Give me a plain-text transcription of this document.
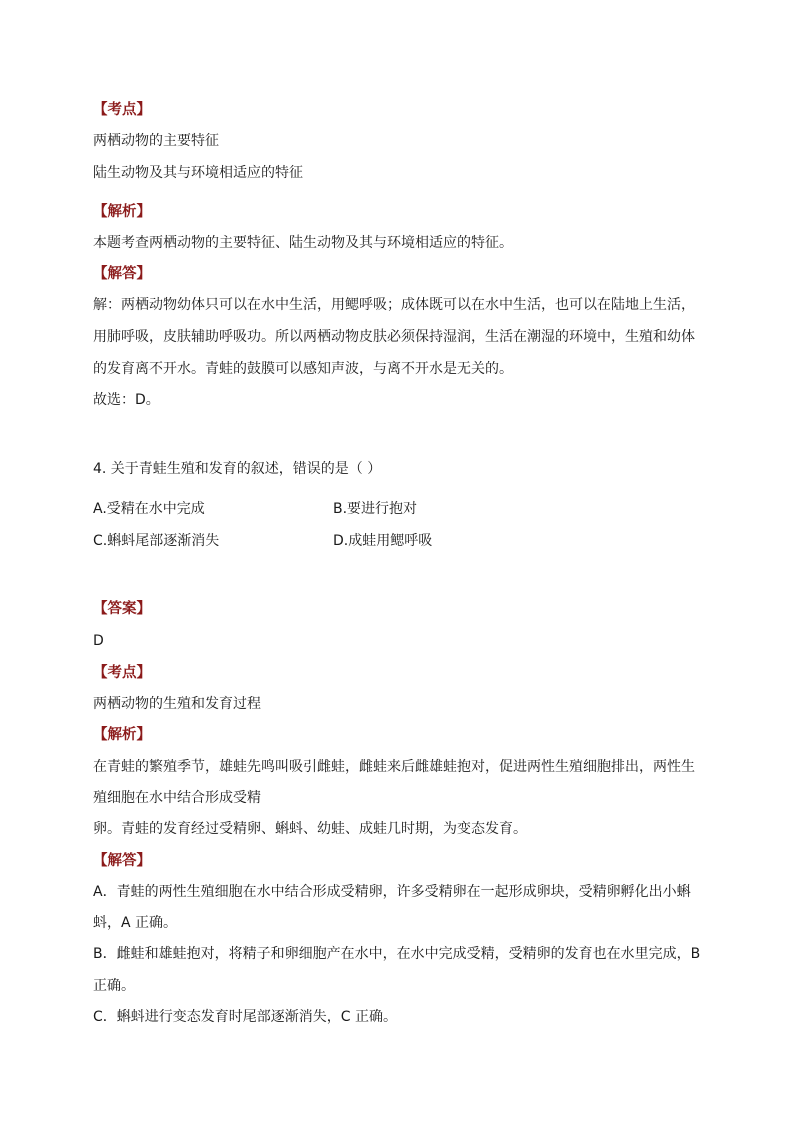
【考点】
两栖动物的主要特征
陆生动物及其与环境相适应的特征
【解析】
本题考查两栖动物的主要特征、陆生动物及其与环境相适应的特征。
【解答】
解：两栖动物幼体只可以在水中生活，用鳃呼吸；成体既可以在水中生活，也可以在陆地上生活，
用肺呼吸，皮肤辅助呼吸功。所以两栖动物皮肤必须保持湿润，生活在潮湿的环境中，生殖和幼体
的发育离不开水。青蛙的鼓膜可以感知声波，与离不开水是无关的。
故选：D。
4. 关于青蛙生殖和发育的叙述，错误的是（ ）
A.受精在水中完成	B.要进行抱对
C.蝌蚪尾部逐渐消失	D.成蛙用鳃呼吸
【答案】
D
【考点】
两栖动物的生殖和发育过程
【解析】
在青蛙的繁殖季节，雄蛙先鸣叫吸引雌蛙，雌蛙来后雌雄蛙抱对，促进两性生殖细胞排出，两性生
殖细胞在水中结合形成受精
卵。青蛙的发育经过受精卵、蝌蚪、幼蛙、成蛙几时期，为变态发育。
【解答】
A．青蛙的两性生殖细胞在水中结合形成受精卵，许多受精卵在一起形成卵块，受精卵孵化出小蝌
蚪，A 正确。
B．雌蛙和雄蛙抱对，将精子和卵细胞产在水中，在水中完成受精，受精卵的发育也在水里完成，B
正确。
C．蝌蚪进行变态发育时尾部逐渐消失，C 正确。
